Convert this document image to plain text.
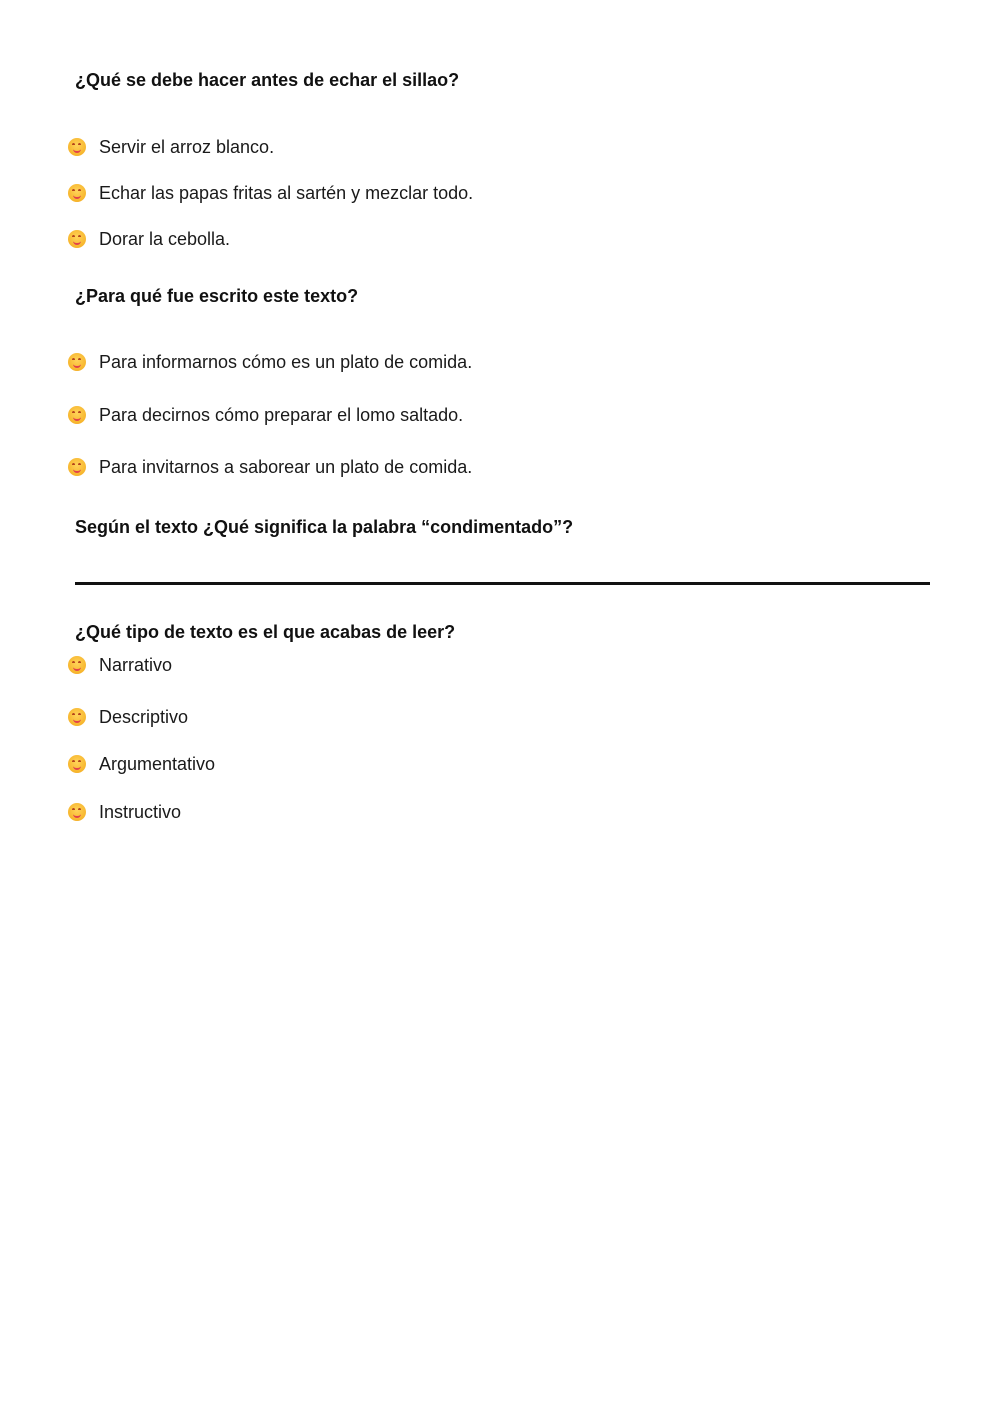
¿Qué se debe hacer antes de echar el sillao?
Servir el arroz blanco.
Echar las papas fritas al sartén y mezclar todo.
Dorar la cebolla.
¿Para qué fue escrito este texto?
Para informarnos cómo es un plato de comida.
Para decirnos cómo preparar el lomo saltado.
Para invitarnos a saborear un plato de comida.
Según el texto ¿Qué significa la palabra “condimentado”?
¿Qué tipo de texto es el que acabas de leer?
Narrativo
Descriptivo
Argumentativo
Instructivo
